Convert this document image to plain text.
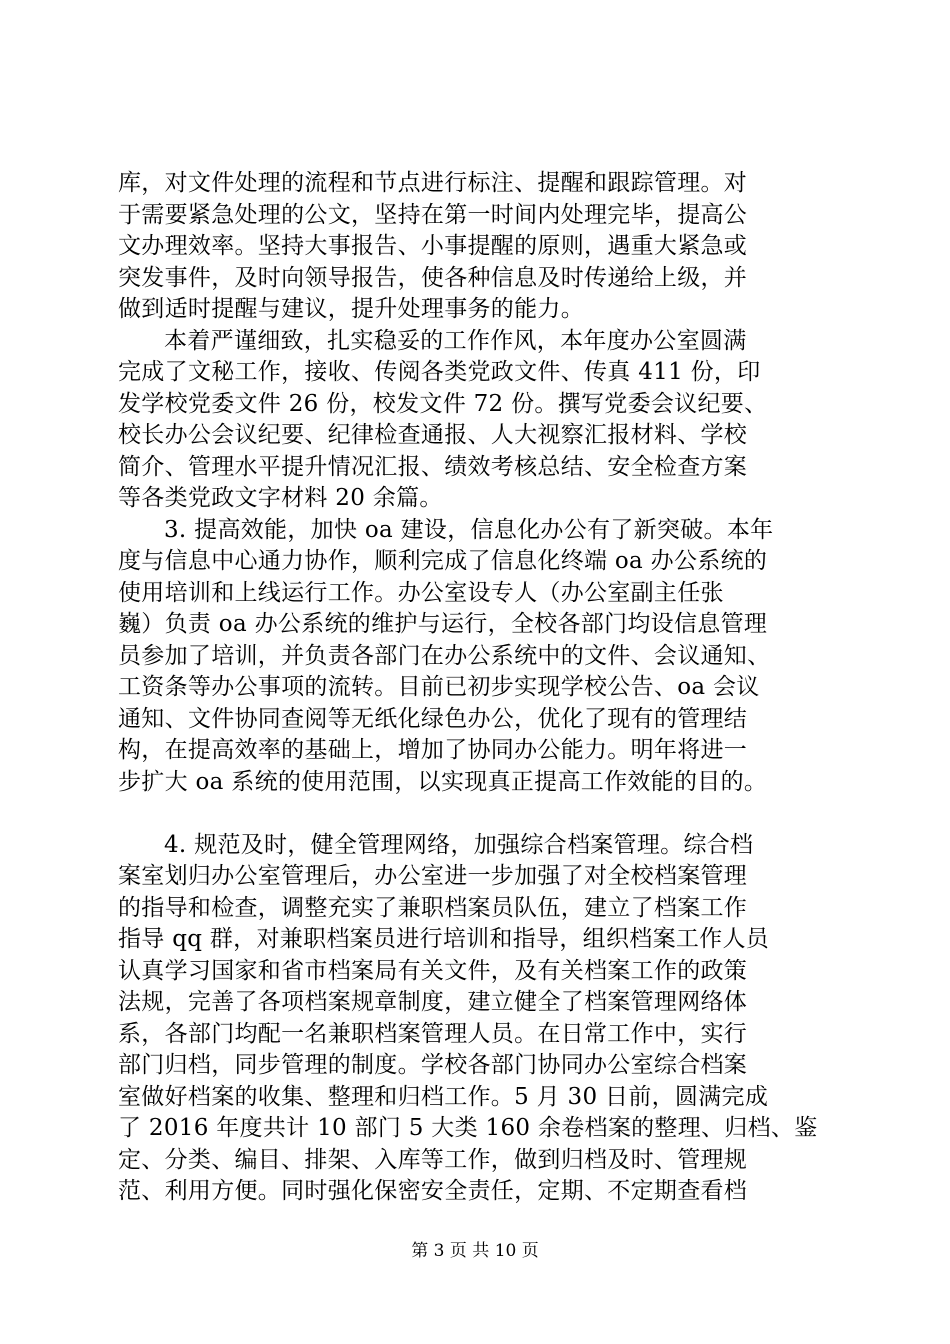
库，对文件处理的流程和节点进行标注、提醒和跟踪管理。对
于需要紧急处理的公文，坚持在第一时间内处理完毕，提高公
文办理效率。坚持大事报告、小事提醒的原则，遇重大紧急或
突发事件，及时向领导报告，使各种信息及时传递给上级，并
做到适时提醒与建议，提升处理事务的能力。
本着严谨细致，扎实稳妥的工作作风，本年度办公室圆满
完成了文秘工作，接收、传阅各类党政文件、传真 411 份，印
发学校党委文件 26 份，校发文件 72 份。撰写党委会议纪要、
校长办公会议纪要、纪律检查通报、人大视察汇报材料、学校
简介、管理水平提升情况汇报、绩效考核总结、安全检查方案
等各类党政文字材料 20 余篇。
3. 提高效能，加快 oa 建设，信息化办公有了新突破。本年
度与信息中心通力协作，顺利完成了信息化终端 oa 办公系统的
使用培训和上线运行工作。办公室设专人（办公室副主任张
巍）负责 oa 办公系统的维护与运行，全校各部门均设信息管理
员参加了培训，并负责各部门在办公系统中的文件、会议通知、
工资条等办公事项的流转。目前已初步实现学校公告、oa 会议
通知、文件协同查阅等无纸化绿色办公，优化了现有的管理结
构，在提高效率的基础上，增加了协同办公能力。明年将进一
步扩大 oa 系统的使用范围，以实现真正提高工作效能的目的。
4. 规范及时，健全管理网络，加强综合档案管理。综合档
案室划归办公室管理后，办公室进一步加强了对全校档案管理
的指导和检查，调整充实了兼职档案员队伍，建立了档案工作
指导 qq 群，对兼职档案员进行培训和指导，组织档案工作人员
认真学习国家和省市档案局有关文件，及有关档案工作的政策
法规，完善了各项档案规章制度，建立健全了档案管理网络体
系，各部门均配一名兼职档案管理人员。在日常工作中，实行
部门归档，同步管理的制度。学校各部门协同办公室综合档案
室做好档案的收集、整理和归档工作。5 月 30 日前，圆满完成
了 2016 年度共计 10 部门 5 大类 160 余卷档案的整理、归档、鉴
定、分类、编目、排架、入库等工作，做到归档及时、管理规
范、利用方便。同时强化保密安全责任，定期、不定期查看档
第 3 页 共 10 页
